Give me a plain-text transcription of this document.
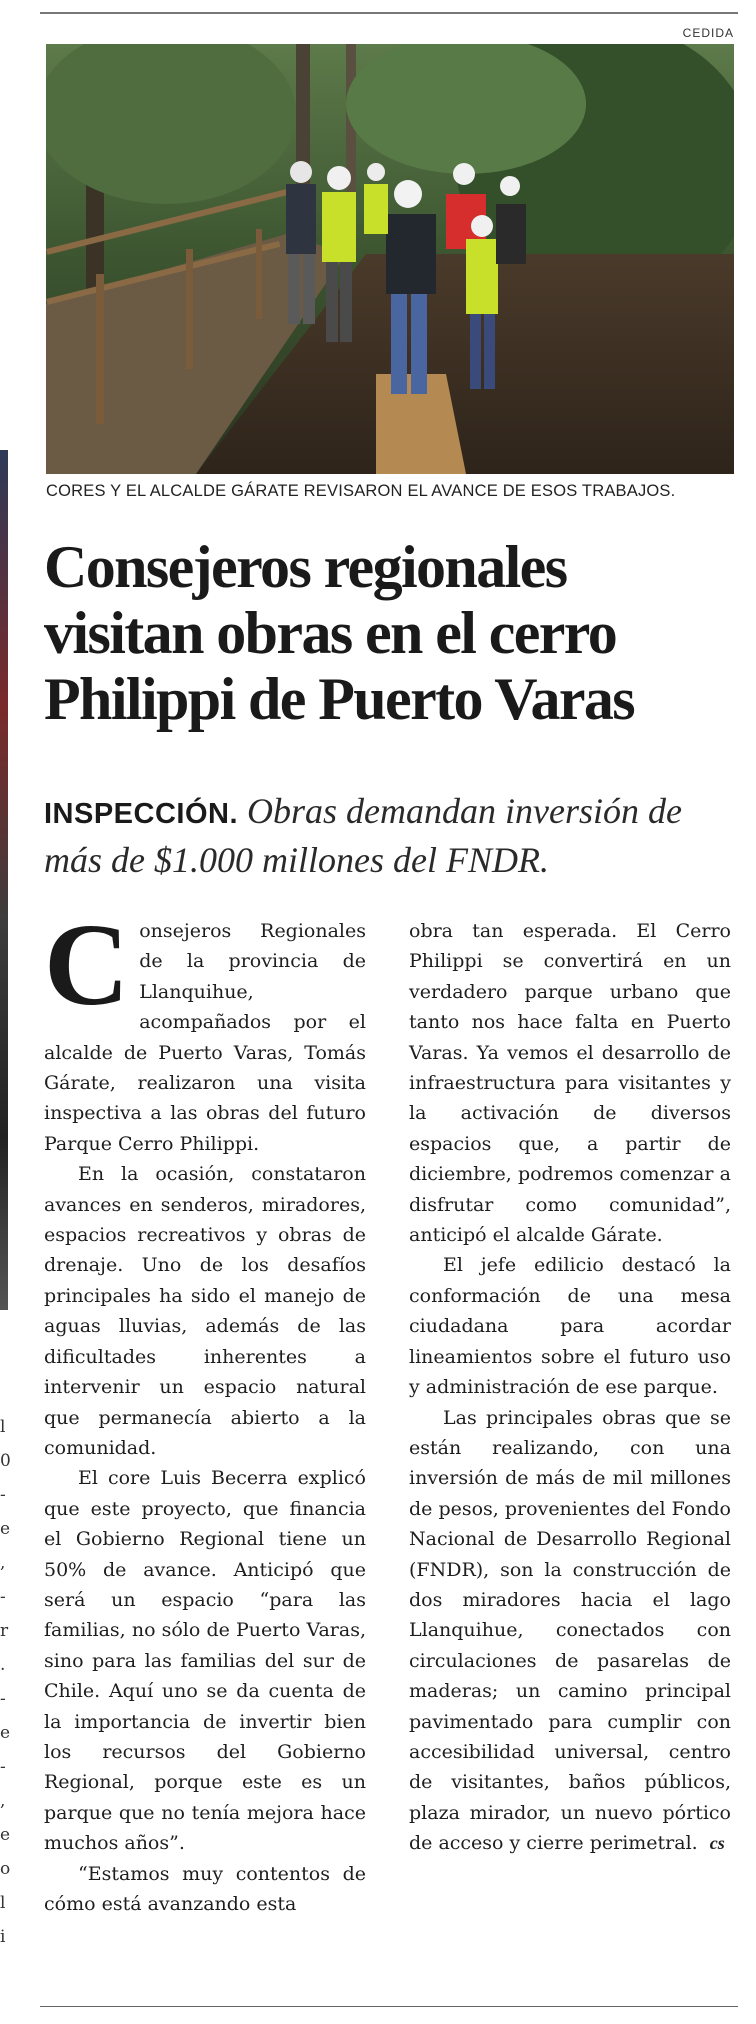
CEDIDA
CORES Y EL ALCALDE GÁRATE REVISARON EL AVANCE DE ESOS TRABAJOS.
Consejeros regionales
visitan obras en el cerro
Philippi de Puerto Varas
INSPECCIÓN. Obras demandan inversión de más de $1.000 millones del FNDR.

Consejeros Regionales de la provincia de Llanquihue, acompañados por el alcalde de Puerto Varas, Tomás Gárate, realizaron una visita inspectiva a las obras del futuro Parque Cerro Philippi.

En la ocasión, constataron avances en senderos, miradores, espacios recreativos y obras de drenaje. Uno de los desafíos principales ha sido el manejo de aguas lluvias, además de las dificultades inherentes a intervenir un espacio natural que permanecía abierto a la comunidad.

El core Luis Becerra explicó que este proyecto, que financia el Gobierno Regional tiene un 50% de avance. Anticipó que será un espacio “para las familias, no sólo de Puerto Varas, sino para las familias del sur de Chile. Aquí uno se da cuenta de la importancia de invertir bien los recursos del Gobierno Regional, porque este es un parque que no tenía mejora hace muchos años”.

“Estamos muy contentos de cómo está avanzando esta

obra tan esperada. El Cerro Philippi se convertirá en un verdadero parque urbano que tanto nos hace falta en Puerto Varas. Ya vemos el desarrollo de infraestructura para visitantes y la activación de diversos espacios que, a partir de diciembre, podremos comenzar a disfrutar como comunidad”, anticipó el alcalde Gárate.

El jefe edilicio destacó la conformación de una mesa ciudadana para acordar lineamientos sobre el futuro uso y administración de ese parque.

Las principales obras que se están realizando, con una inversión de más de mil millones de pesos, provenientes del Fondo Nacional de Desarrollo Regional (FNDR), son la construcción de dos miradores hacia el lago Llanquihue, conectados con circulaciones de pasarelas de maderas; un camino principal pavimentado para cumplir con accesibilidad universal, centro de visitantes, baños públicos, plaza mirador, un nuevo pórtico de acceso y cierre perimetral. cs

l
0
-
e
,
-
r
.
-
e
-
,
e
o
l
i
